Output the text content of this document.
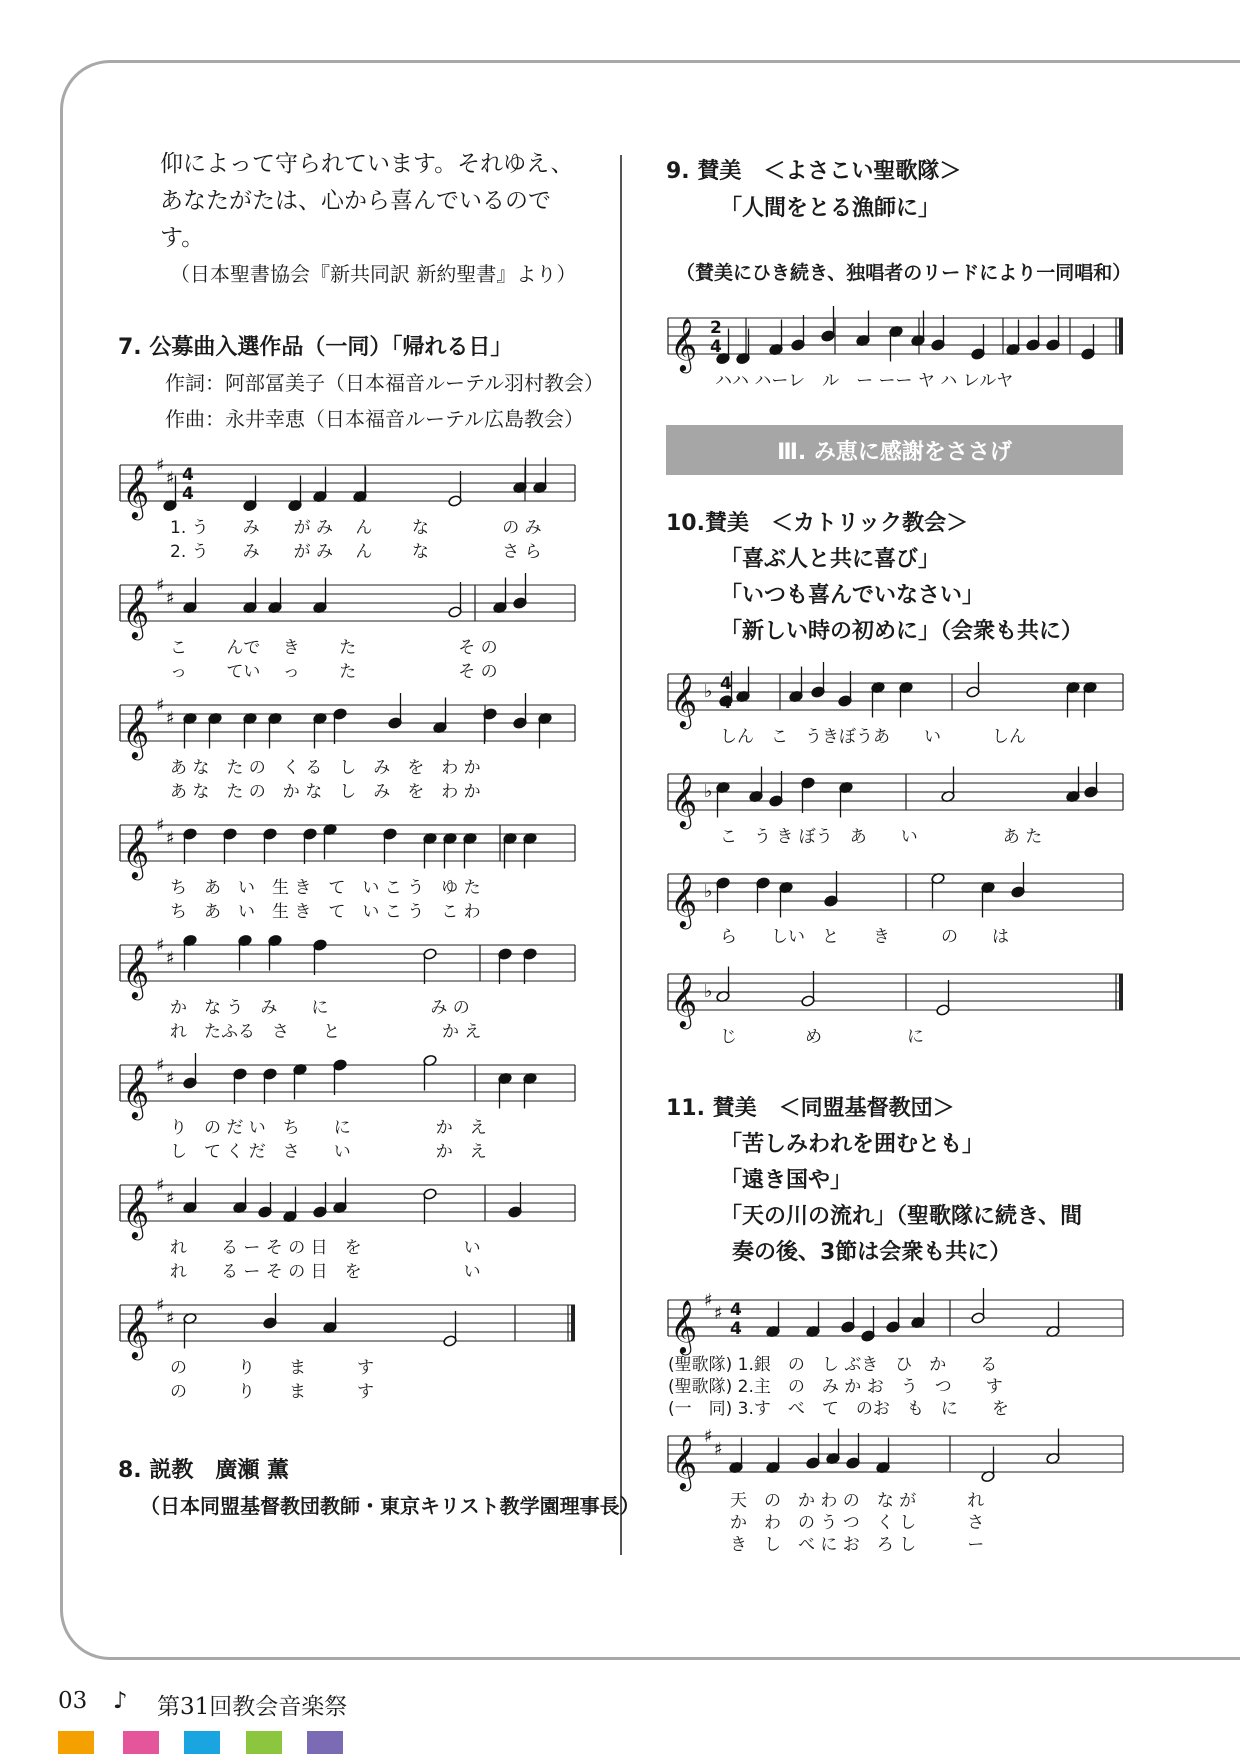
仰によって守られています。それゆえ、
あなたがたは、心から喜んでいるので
す。
（日本聖書協会『新共同訳 新約聖書』より）
7. 公募曲入選作品（一同）「帰れる日」
作詞：阿部冨美子（日本福音ルーテル羽村教会）
作曲：永井幸恵（日本福音ルーテル広島教会）
𝄞 ♯
♯ 4
4
1. う　　み　　が み　 ん　　 な　　　　 の み
2. う　　み　　が み　 ん　　 な　　　　 さ ら
𝄞 ♯
♯
こ　　 んで　 き　　 た　　　　　　そ の
っ　　 てい　 っ　　 た　　　　　　そ の
𝄞 ♯
♯
あ な　た の　く る　し　み　を　わ か
あ な　た の　か な　し　み　を　わ か
𝄞 ♯
♯
ち　あ　い　生 き　て　い こ う　ゆ た
ち　あ　い　生 き　て　い こ う　こ わ
𝄞 ♯
♯
か　な う　み　　に　　　　　　み の
れ　たふる　さ　　と　　　　　　か え
𝄞 ♯
♯
り　の だ い　ち　　に　　　　　か　え
し　て く だ　さ　　い　　　　　か　え
𝄞 ♯
♯
れ　　る ー そ の 日　を　　　　　　い
れ　　る ー そ の 日　を　　　　　　い
𝄞 ♯
♯
の　　　り　　ま　　　す
の　　　り　　ま　　　す
8. 説教　廣瀬 薫
（日本同盟基督教団教師・東京キリスト教学園理事長）
9. 賛美　＜よさこい聖歌隊＞
「人間をとる漁師に」
（賛美にひき続き、独唱者のリードにより一同唱和）
𝄞 2
4
ハハ ハーレ　ル　ー ーー ヤ ハ レルヤ
𝄞 ♭ 4
しん　こ　うきぼうあ　　い　　　しん
𝄞 ♭
こ　う き ぼう　あ　　い　　　　　あ た
𝄞 ♭
ら　　しい　と　　き　　　の　　は
𝄞 ♭
じ　　　　め　　　　　に
𝄞 ♯
♯ 4
4
(聖歌隊) 1.銀　の　し ぶき　ひ　か　　る
(聖歌隊) 2.主　の　み か お　う　つ　　す
(一　同) 3.す　べ　て　のお　も　に　　を
𝄞 ♯
♯
天　の　か わ の　な が　　　れ
か　わ　の う つ　く し　　　さ
き　し　べ に お　ろ し　　　ー
Ⅲ. み恵に感謝をささげ
10.賛美　＜カトリック教会＞
「喜ぶ人と共に喜び」
「いつも喜んでいなさい」
「新しい時の初めに」（会衆も共に）
11. 賛美　＜同盟基督教団＞
「苦しみわれを囲むとも」
「遠き国や」
「天の川の流れ」（聖歌隊に続き、間
奏の後、3節は会衆も共に）
03 ♪ 第31回教会音楽祭
